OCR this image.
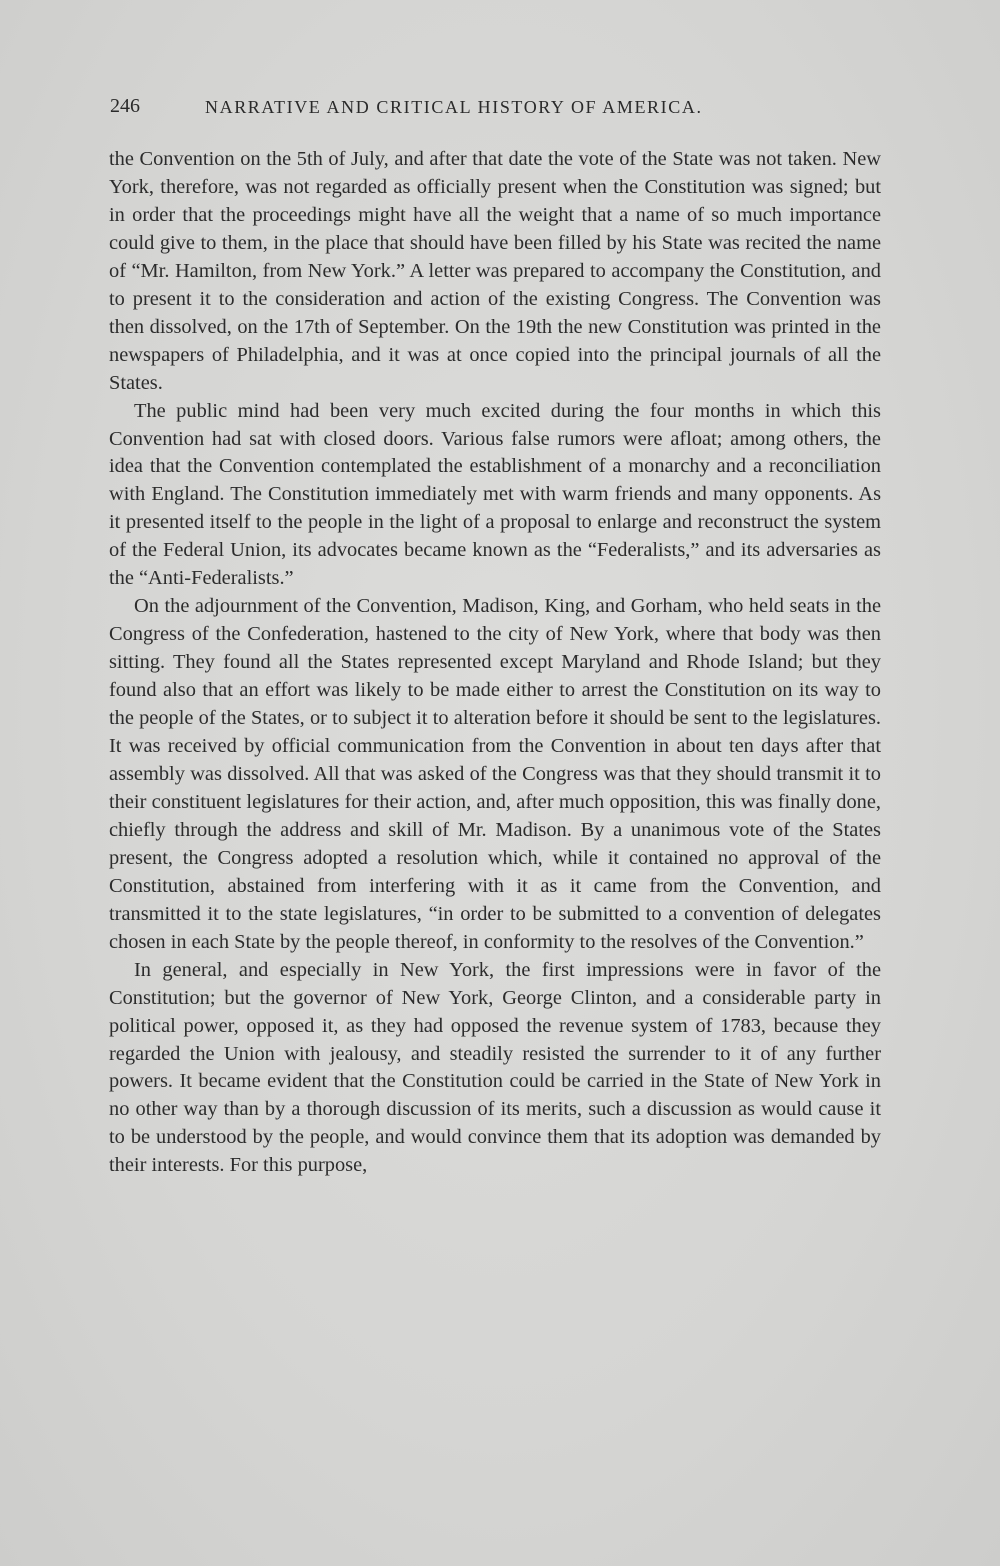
246	NARRATIVE AND CRITICAL HISTORY OF AMERICA.

the Convention on the 5th of July, and after that date the vote of the State was not taken. New York, therefore, was not regarded as officially present when the Constitution was signed; but in order that the proceedings might have all the weight that a name of so much importance could give to them, in the place that should have been filled by his State was recited the name of “Mr. Hamilton, from New York.” A letter was prepared to accompany the Constitution, and to present it to the consideration and action of the existing Congress. The Convention was then dissolved, on the 17th of September. On the 19th the new Constitution was printed in the newspapers of Philadelphia, and it was at once copied into the principal journals of all the States.

The public mind had been very much excited during the four months in which this Convention had sat with closed doors. Various false rumors were afloat; among others, the idea that the Convention contemplated the establishment of a monarchy and a reconciliation with England. The Constitution immediately met with warm friends and many opponents. As it presented itself to the people in the light of a proposal to enlarge and reconstruct the system of the Federal Union, its advocates became known as the “Federalists,” and its adversaries as the “Anti-Federalists.”

On the adjournment of the Convention, Madison, King, and Gorham, who held seats in the Congress of the Confederation, hastened to the city of New York, where that body was then sitting. They found all the States represented except Maryland and Rhode Island; but they found also that an effort was likely to be made either to arrest the Constitution on its way to the people of the States, or to subject it to alteration before it should be sent to the legislatures. It was received by official communication from the Convention in about ten days after that assembly was dissolved. All that was asked of the Congress was that they should transmit it to their constituent legislatures for their action, and, after much opposition, this was finally done, chiefly through the address and skill of Mr. Madison. By a unanimous vote of the States present, the Congress adopted a resolution which, while it contained no approval of the Constitution, abstained from interfering with it as it came from the Convention, and transmitted it to the state legislatures, “in order to be submitted to a convention of delegates chosen in each State by the people thereof, in conformity to the resolves of the Convention.”

In general, and especially in New York, the first impressions were in favor of the Constitution; but the governor of New York, George Clinton, and a considerable party in political power, opposed it, as they had opposed the revenue system of 1783, because they regarded the Union with jealousy, and steadily resisted the surrender to it of any further powers. It became evident that the Constitution could be carried in the State of New York in no other way than by a thorough discussion of its merits, such a discussion as would cause it to be understood by the people, and would convince them that its adoption was demanded by their interests. For this purpose,
